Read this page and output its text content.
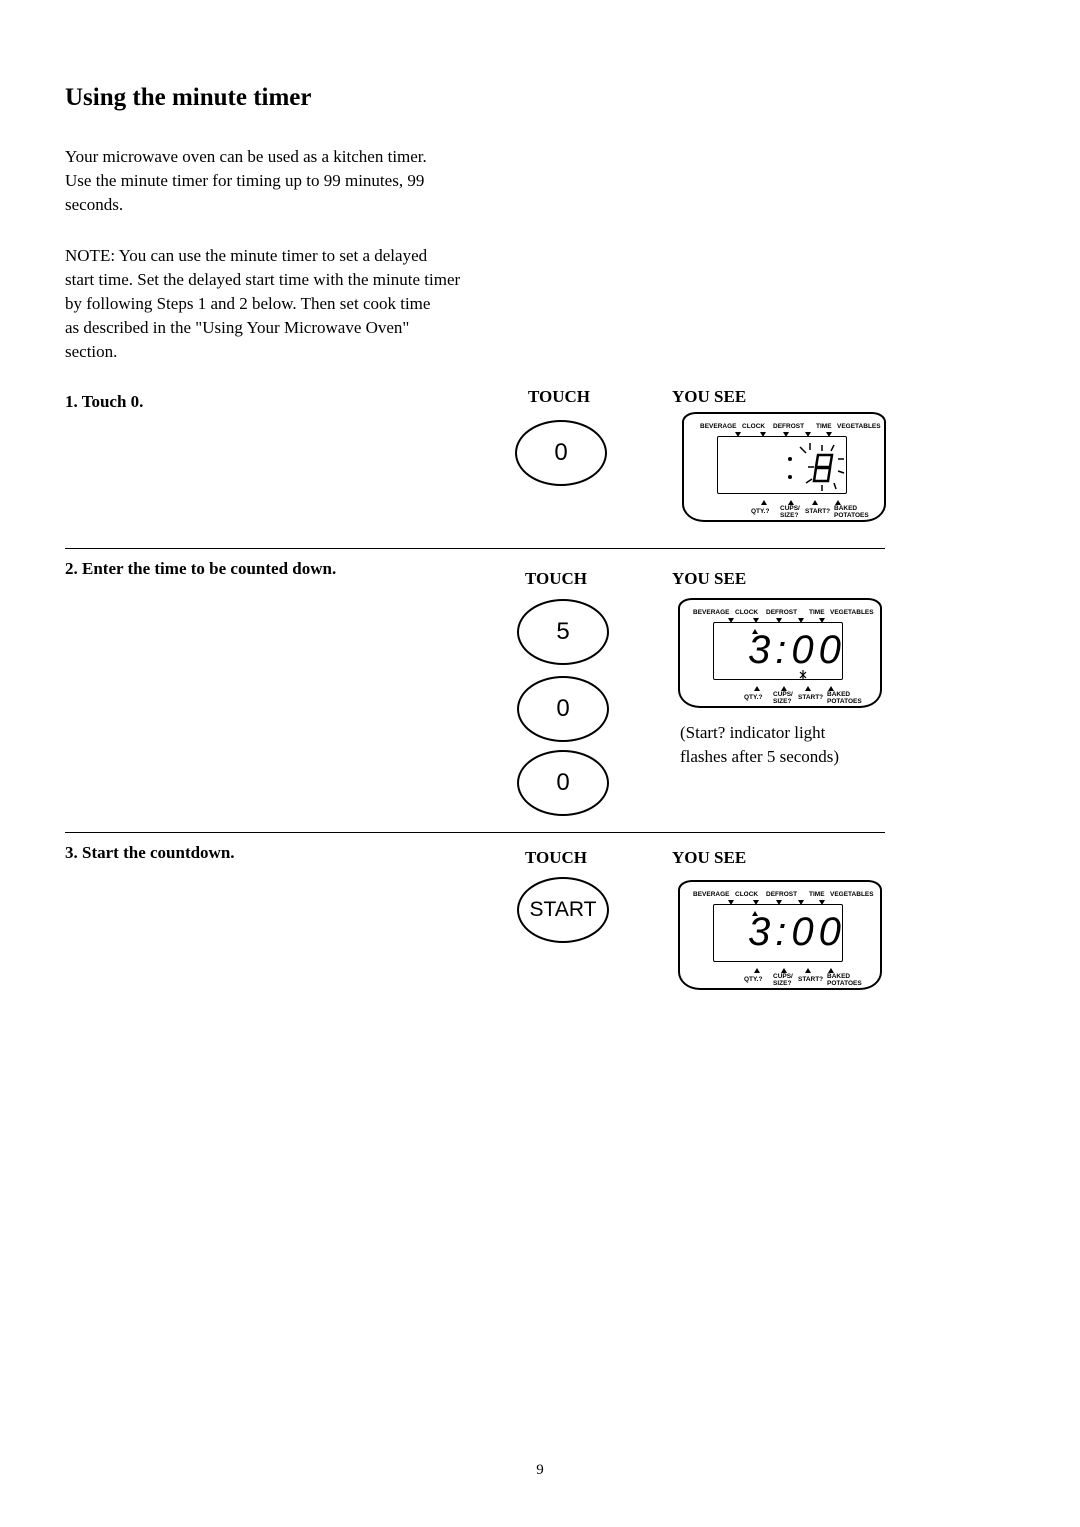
Using the minute timer

Your microwave oven can be used as a kitchen timer.
Use the minute timer for timing up to 99 minutes, 99
seconds.

NOTE: You can use the minute timer to set a delayed
start time. Set the delayed start time with the minute timer
by following Steps 1 and 2 below. Then set cook time
as described in the "Using Your Microwave Oven"
section.

1. Touch 0.	TOUCH	YOU SEE
0
BEVERAGE CLOCK DEFROST TIME VEGETABLES
QTY.? CUPS/ SIZE?
START? BAKED POTATOES
2. Enter the time to be counted down.
TOUCH	YOU SEE
5
0
0
BEVERAGE CLOCK DEFROST TIME VEGETABLES
3:00
QTY.? CUPS/ SIZE?
START? BAKED POTATOES
(Start? indicator light
flashes after 5 seconds)
3. Start the countdown.	TOUCH	YOU SEE
START
BEVERAGE CLOCK DEFROST TIME VEGETABLES
3:00
QTY.? CUPS/ SIZE?
START? BAKED POTATOES
9
